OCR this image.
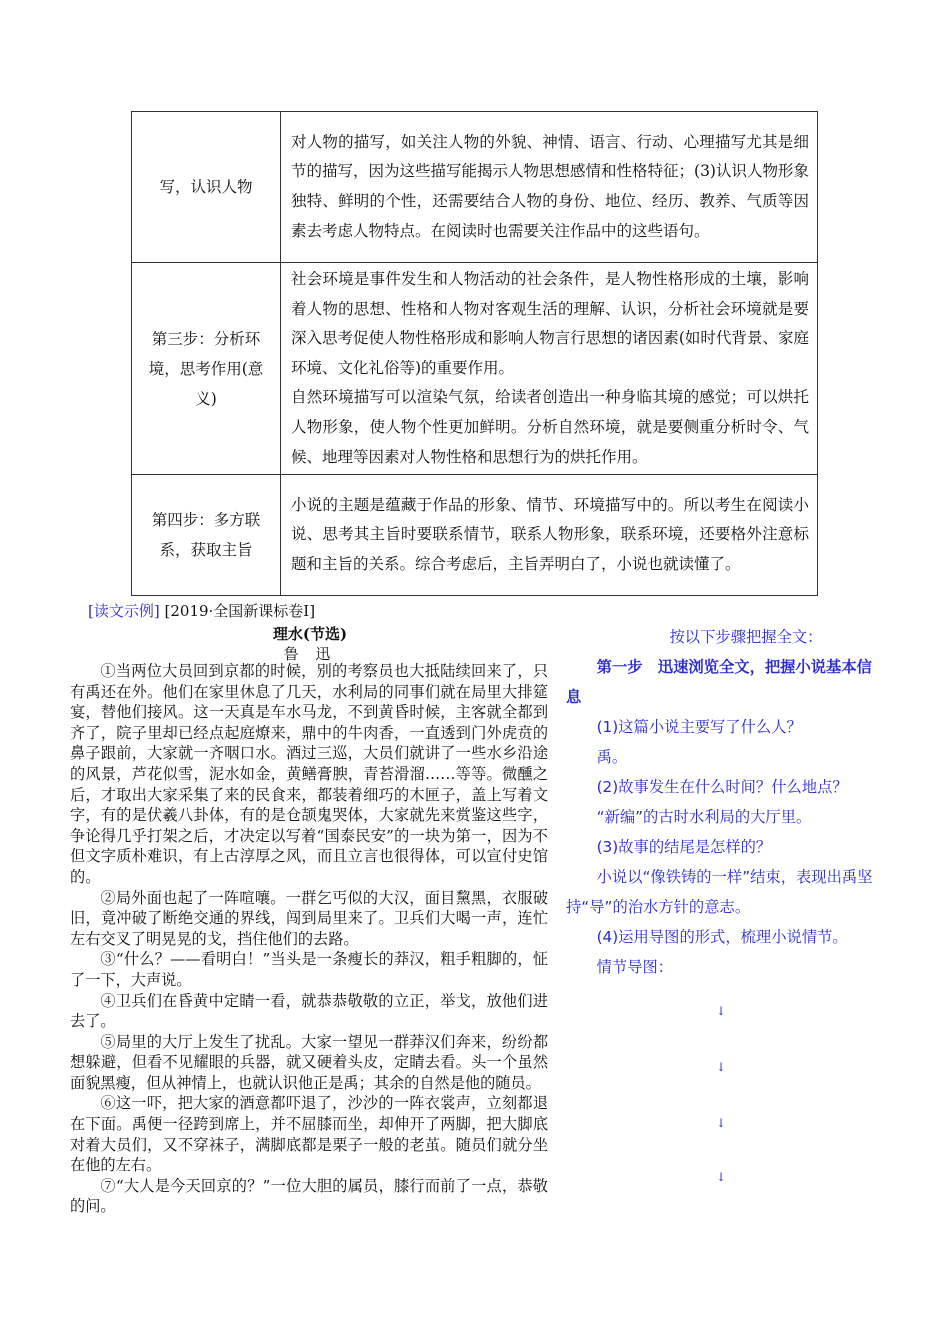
写，认识人物	对人物的描写，如关注人物的外貌、神情、语言、行动、心理描写尤其是细节的描写，因为这些描写能揭示人物思想感情和性格特征；(3)认识人物形象独特、鲜明的个性，还需要结合人物的身份、地位、经历、教养、气质等因素去考虑人物特点。在阅读时也需要关注作品中的这些语句。

第三步：分析环境，思考作用(意义)	社会环境是事件发生和人物活动的社会条件，是人物性格形成的土壤，影响着人物的思想、性格和人物对客观生活的理解、认识，分析社会环境就是要深入思考促使人物性格形成和影响人物言行思想的诸因素(如时代背景、家庭环境、文化礼俗等)的重要作用。

自然环境描写可以渲染气氛，给读者创造出一种身临其境的感觉；可以烘托人物形象，使人物个性更加鲜明。分析自然环境，就是要侧重分析时令、气候、地理等因素对人物性格和思想行为的烘托作用。

第四步：多方联系，获取主旨	小说的主题是蕴藏于作品的形象、情节、环境描写中的。所以考生在阅读小说、思考其主旨时要联系情节，联系人物形象，联系环境，还要格外注意标题和主旨的关系。综合考虑后，主旨弄明白了，小说也就读懂了。

[读文示例] [2019·全国新课标卷Ⅰ]
理水(节选)
鲁 迅

①当两位大员回到京都的时候，别的考察员也大抵陆续回来了，只有禹还在外。他们在家里休息了几天，水利局的同事们就在局里大排筵宴，替他们接风。这一天真是车水马龙，不到黄昏时候，主客就全都到齐了，院子里却已经点起庭燎来，鼎中的牛肉香，一直透到门外虎贲的鼻子跟前，大家就一齐咽口水。酒过三巡，大员们就讲了一些水乡沿途的风景，芦花似雪，泥水如金，黄鳝膏腴，青苔滑溜……等等。微醺之后，才取出大家采集了来的民食来，都装着细巧的木匣子，盖上写着文字，有的是伏羲八卦体，有的是仓颉鬼哭体，大家就先来赏鉴这些字，争论得几乎打架之后，才决定以写着“国泰民安”的一块为第一，因为不但文字质朴难识，有上古淳厚之风，而且立言也很得体，可以宣付史馆的。

②局外面也起了一阵喧嚷。一群乞丐似的大汉，面目黧黑，衣服破旧，竟冲破了断绝交通的界线，闯到局里来了。卫兵们大喝一声，连忙左右交叉了明晃晃的戈，挡住他们的去路。

③“什么？——看明白！”当头是一条瘦长的莽汉，粗手粗脚的，怔了一下，大声说。

④卫兵们在昏黄中定睛一看，就恭恭敬敬的立正，举戈，放他们进去了。

⑤局里的大厅上发生了扰乱。大家一望见一群莽汉们奔来，纷纷都想躲避，但看不见耀眼的兵器，就又硬着头皮，定睛去看。头一个虽然面貌黑瘦，但从神情上，也就认识他正是禹；其余的自然是他的随员。

⑥这一吓，把大家的酒意都吓退了，沙沙的一阵衣裳声，立刻都退在下面。禹便一径跨到席上，并不屈膝而坐，却伸开了两脚，把大脚底对着大员们，又不穿袜子，满脚底都是栗子一般的老茧。随员们就分坐在他的左右。

⑦“大人是今天回京的？”一位大胆的属员，膝行而前了一点，恭敬的问。

按以下步骤把握全文：

第一步　迅速浏览全文，把握小说基本信息

(1)这篇小说主要写了什么人？

禹。

(2)故事发生在什么时间？什么地点？

“新编”的古时水利局的大厅里。

(3)故事的结尾是怎样的？

小说以“像铁铸的一样”结束，表现出禹坚持“导”的治水方针的意志。

(4)运用导图的形式，梳理小说情节。

情节导图：

↓
↓
↓
↓
